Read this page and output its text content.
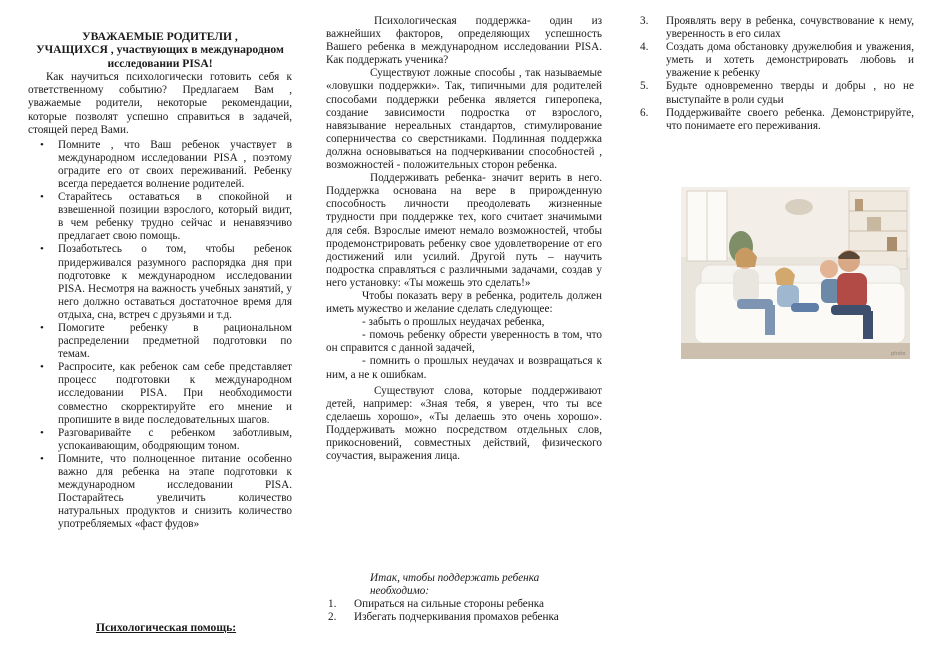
УВАЖАЕМЫЕ РОДИТЕЛИ ,
УЧАЩИХСЯ , участвующих в международном
исследовании PISA!

Как научиться психологически готовить себя к ответственному событию? Предлагаем Вам , уважаемые родители, некоторые рекомендации, которые позволят успешно справиться в задачей, стоящей перед Вами.

• Помните , что Ваш ребенок участвует в международном исследовании PISA , поэтому оградите его от своих переживаний. Ребенку всегда передается волнение родителей.
• Старайтесь оставаться в спокойной и взвешенной позиции взрослого, который видит, в чем ребенку трудно сейчас и ненавязчиво предлагает свою помощь.
• Позаботьтесь о том, чтобы ребенок придерживался разумного распорядка дня при подготовке к международном исследовании PISA. Несмотря на важность учебных занятий, у него должно оставаться достаточное время для отдыха, сна, встреч с друзьями и т.д.
• Помогите ребенку в рациональном распределении предметной подготовки по темам.
• Распросите, как ребенок сам себе представляет процесс подготовки к международном исследовании PISA. При необходимости совместно скорректируйте его мнение и пропишите в виде последовательных шагов.
• Разговаривайте с ребенком заботливым, успокаивающим, ободряющим тоном.
• Помните, что полноценное питание особенно важно для ребенка на этапе подготовки к международном исследовании PISA. Постарайтесь увеличить количество натуральных продуктов и снизить количество употребляемых «фаст фудов»
Психологическая помощь:

Психологическая поддержка- один из важнейших факторов, определяющих успешность Вашего ребенка в международном исследовании PISA. Как поддержать ученика?

Существуют ложные способы , так называемые «ловушки поддержки». Так, типичными для родителей способами поддержки ребенка является гиперопека, создание зависимости подростка от взрослого, навязывание нереальных стандартов, стимулирование соперничества со сверстниками. Подлинная поддержка должна основываться на подчеркивании способностей , возможностей - положительных сторон ребенка.

Поддерживать ребенка- значит верить в него. Поддержка основана на вере в прирожденную способность личности преодолевать жизненные трудности при поддержке тех, кого считает значимыми для себя. Взрослые имеют немало возможностей, чтобы продемонстрировать ребенку свое удовлетворение от его достижений или усилий. Другой путь – научить подростка справляться с различными задачами, создав у него установку: «Ты можешь это сделать!»

Чтобы показать веру в ребенка, родитель должен иметь мужество и желание сделать следующее:

- забыть о прошлых неудачах ребенка,

- помочь ребенку обрести уверенность в том, что он справится с данной задачей,

- помнить о прошлых неудачах и возвращаться к ним, а не к ошибкам.

Существуют слова, которые поддерживают детей, например: «Зная тебя, я уверен, что ты все сделаешь хорошо», «Ты делаешь это очень хорошо». Поддерживать можно посредством отдельных слов, прикосновений, совместных действий, физического соучастия, выражения лица.

Итак, чтобы поддержать ребенка
необходимо:

1. Опираться на сильные стороны ребенка
2. Избегать подчеркивания промахов ребенка
3. Проявлять веру в ребенка, сочувствование к нему, уверенность в его силах
4. Создать дома обстановку дружелюбия и уважения, уметь и хотеть демонстрировать любовь и уважение к ребенку
5. Будьте одновременно тверды и добры , но не выступайте в роли судьи
6. Поддерживайте своего ребенка. Демонстрируйте, что понимаете его переживания.
photo
